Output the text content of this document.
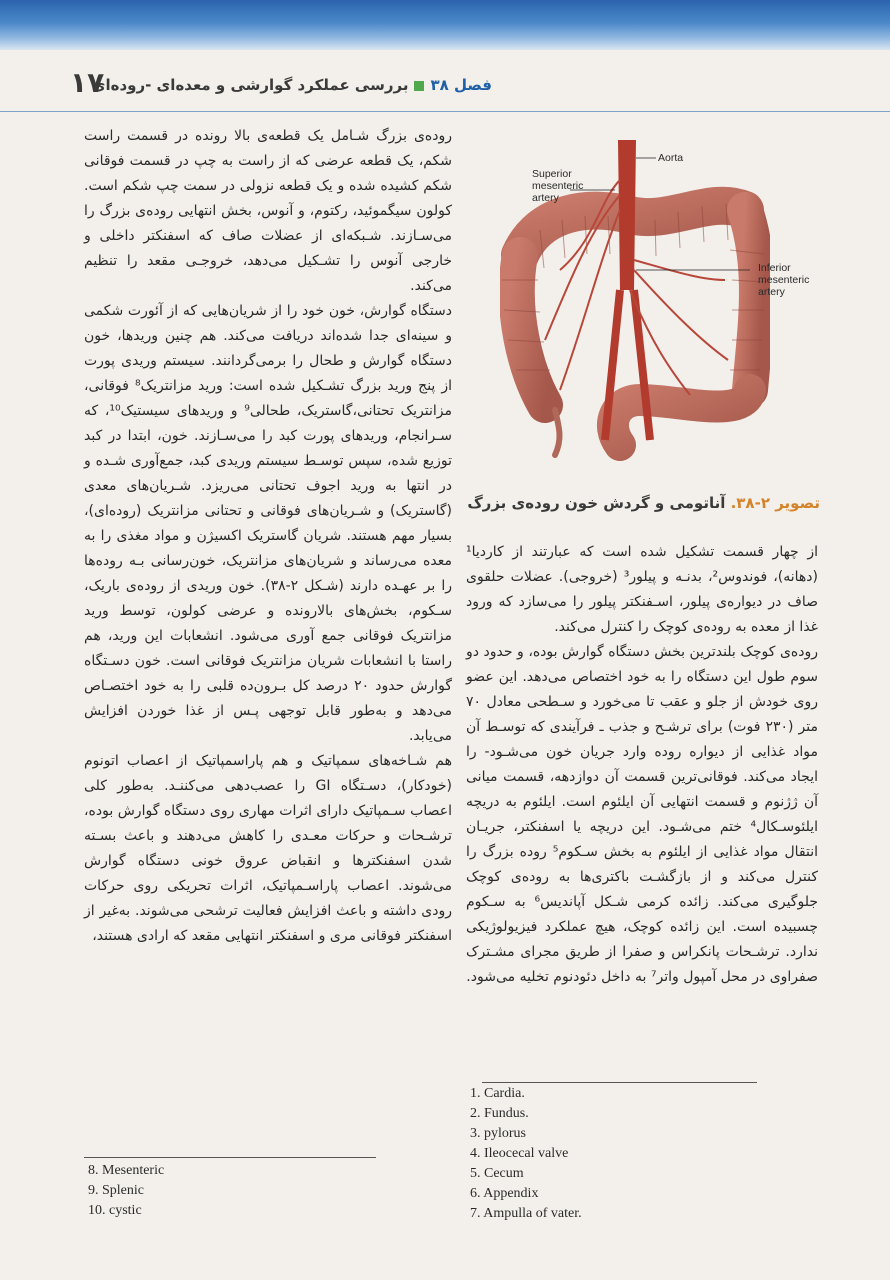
۱۷	فصل ۳۸بررسی عملکرد گوارشی و معده‌ای -روده‌ای

روده‌ی بزرگ شـامل یک قطعه‌ی بالا رونده در قسمت راست شکم، یک قطعه عرضی که از راست به چپ در قسمت فوقانی شکم کشیده شده و یک قطعه نزولی در سمت چپ شکم است. کولون سیگموئید، رکتوم، و آنوس، بخش انتهایی روده‌ی بزرگ را می‌سـازند. شـبکه‌ای از عضلات صاف که اسفنکتر داخلی و خارجی آنوس را تشـکیل می‌دهد، خروجـی مقعد را تنظیم می‌کند.

دستگاه گوارش، خون خود را از شریان‌هایی که از آئورت شکمی و سینه‌ای جدا شده‌اند دریافت می‌کند. هم چنین وریدها، خون دستگاه گوارش و طحال را برمی‌گردانند. سیستم وریدی پورت از پنج ورید بزرگ تشـکیل شده است: ورید مزانتریک⁸ فوقانی، مزانتریک تحتانی،گاستریک، طحالی⁹ و وریدهای سیستیک¹⁰، که سـرانجام، وریدهای پورت کبد را می‌سـازند. خون، ابتدا در کبد توزیع شده، سپس توسـط سیستم وریدی کبد، جمع‌آوری شـده و در انتها به ورید اجوف تحتانی می‌ریزد. شـریان‌های معدی (گاستریک) و شـریان‌های فوقانی و تحتانی مزانتریک (روده‌ای)، بسیار مهم هستند. شریان گاستریک اکسیژن و مواد مغذی را به معده می‌رساند و شریان‌های مزانتریک، خون‌رسانی بـه روده‌ها را بر عهـده دارند (شـکل ۲-۳۸). خون وریدی از روده‌ی باریک، سـکوم، بخش‌های بالارونده و عرضی کولون، توسط ورید مزانتریک فوقانی جمع آوری می‌شود. انشعابات این ورید، هم راستا با انشعابات شریان مزانتریک فوقانی است. خون دسـتگاه گوارش حدود ۲۰ درصد کل بـرون‌ده قلبی را به خود اختصـاص می‌دهد و به‌طور قابل توجهی پـس از غذا خوردن افزایش می‌یابد.

هم شـاخه‌های سمپاتیک و هم پاراسمپاتیک از اعصاب اتونوم (خودکار)، دسـتگاه GI را عصب‌دهی می‌کننـد. به‌طور کلی اعصاب سـمپاتیک دارای اثرات مهاری روی دستگاه گوارش بوده، ترشـحات و حرکات معـدی را کاهش می‌دهند و باعث بسـته شدن اسفنکترها و انقباض عروق خونی دستگاه گوارش می‌شوند. اعصاب پاراسـمپاتیک، اثرات تحریکی روی حرکات رودی داشته و باعث افزایش فعالیت ترشحی می‌شوند. به‌غیر از اسفنکتر فوقانی مری و اسفنکتر انتهایی مقعد که ارادی هستند،

Aorta
Superior mesenteric artery
Inferior mesenteric artery
تصویر ۲-۳۸. آناتومی و گردش خون روده‌ی بزرگ

از چهار قسمت تشکیل شده است که عبارتند از کاردیا¹ (دهانه)، فوندوس²، بدنـه و پیلور³ (خروجی). عضلات حلقوی صاف در دیواره‌ی پیلور، اسـفنکتر پیلور را می‌سازد که ورود غذا از معده به روده‌ی کوچک را کنترل می‌کند.

روده‌ی کوچک بلندترین بخش دستگاه گوارش بوده، و حدود دو سوم طول این دستگاه را به خود اختصاص می‌دهد. این عضو روی خودش از جلو و عقب تا می‌خورد و سـطحی معادل ۷۰ متر (۲۳۰ فوت) برای ترشـح و جذب ـ فرآیندی که توسـط آن مواد غذایی از دیواره روده وارد جریان خون می‌شـود- را ایجاد می‌کند. فوقانی‌ترین قسمت آن دوازدهه، قسمت میانی آن ژژنوم و قسمت انتهایی آن ایلئوم است. ایلئوم به دریچه ایلئوسـکال⁴ ختم می‌شـود. این دریچه یا اسفنکتر، جریـان انتقال مواد غذایی از ایلئوم به بخش سـکوم⁵ روده بزرگ را کنترل می‌کند و از بازگشـت باکتری‌ها به روده‌ی کوچک جلوگیری می‌کند. زائده کرمی شـکل آپاندیس⁶ به سـکوم چسبیده است. این زائده کوچک، هیچ عملکرد فیزیولوژیکی ندارد. ترشـحات پانکراس و صفرا از طریق مجرای مشـترک صفراوی در محل آمپول واتر⁷ به داخل دئودنوم تخلیه می‌شود.

8. Mesenteric
9. Splenic
10. cystic
1. Cardia.
2. Fundus.
3. pylorus
4. Ileocecal valve
5. Cecum
6. Appendix
7. Ampulla of vater.
